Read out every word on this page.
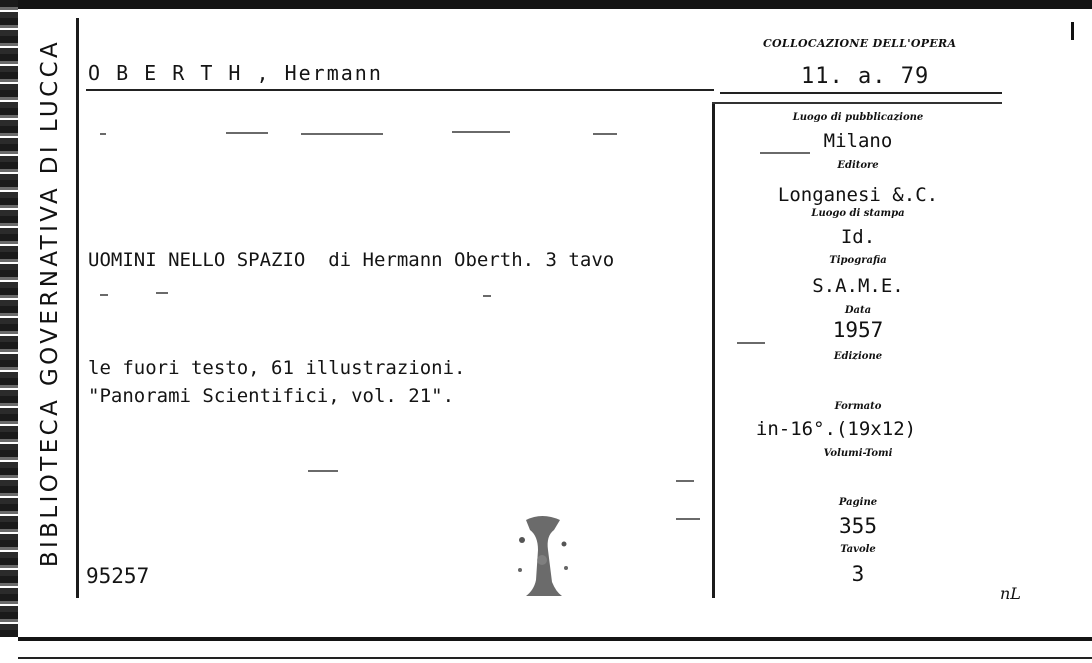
BIBLIOTECA GOVERNATIVA DI LUCCA O B E R T H , Hermann
COLLOCAZIONE DELL'OPERA
11. a. 79

UOMINI NELLO SPAZIO  di Hermann Oberth. 3 tavo

le fuori testo, 61 illustrazioni.

"Panorami Scientifici, vol. 21".
95257
Luogo di pubblicazione
Milano
Editore
Longanesi &.C.
Luogo di stampa
Id.
Tipografia
S.A.M.E.
Data
1957
Edizione
Formato
in-16°.(19x12)
Volumi-Tomi
Pagine
355
Tavole
3
nL
